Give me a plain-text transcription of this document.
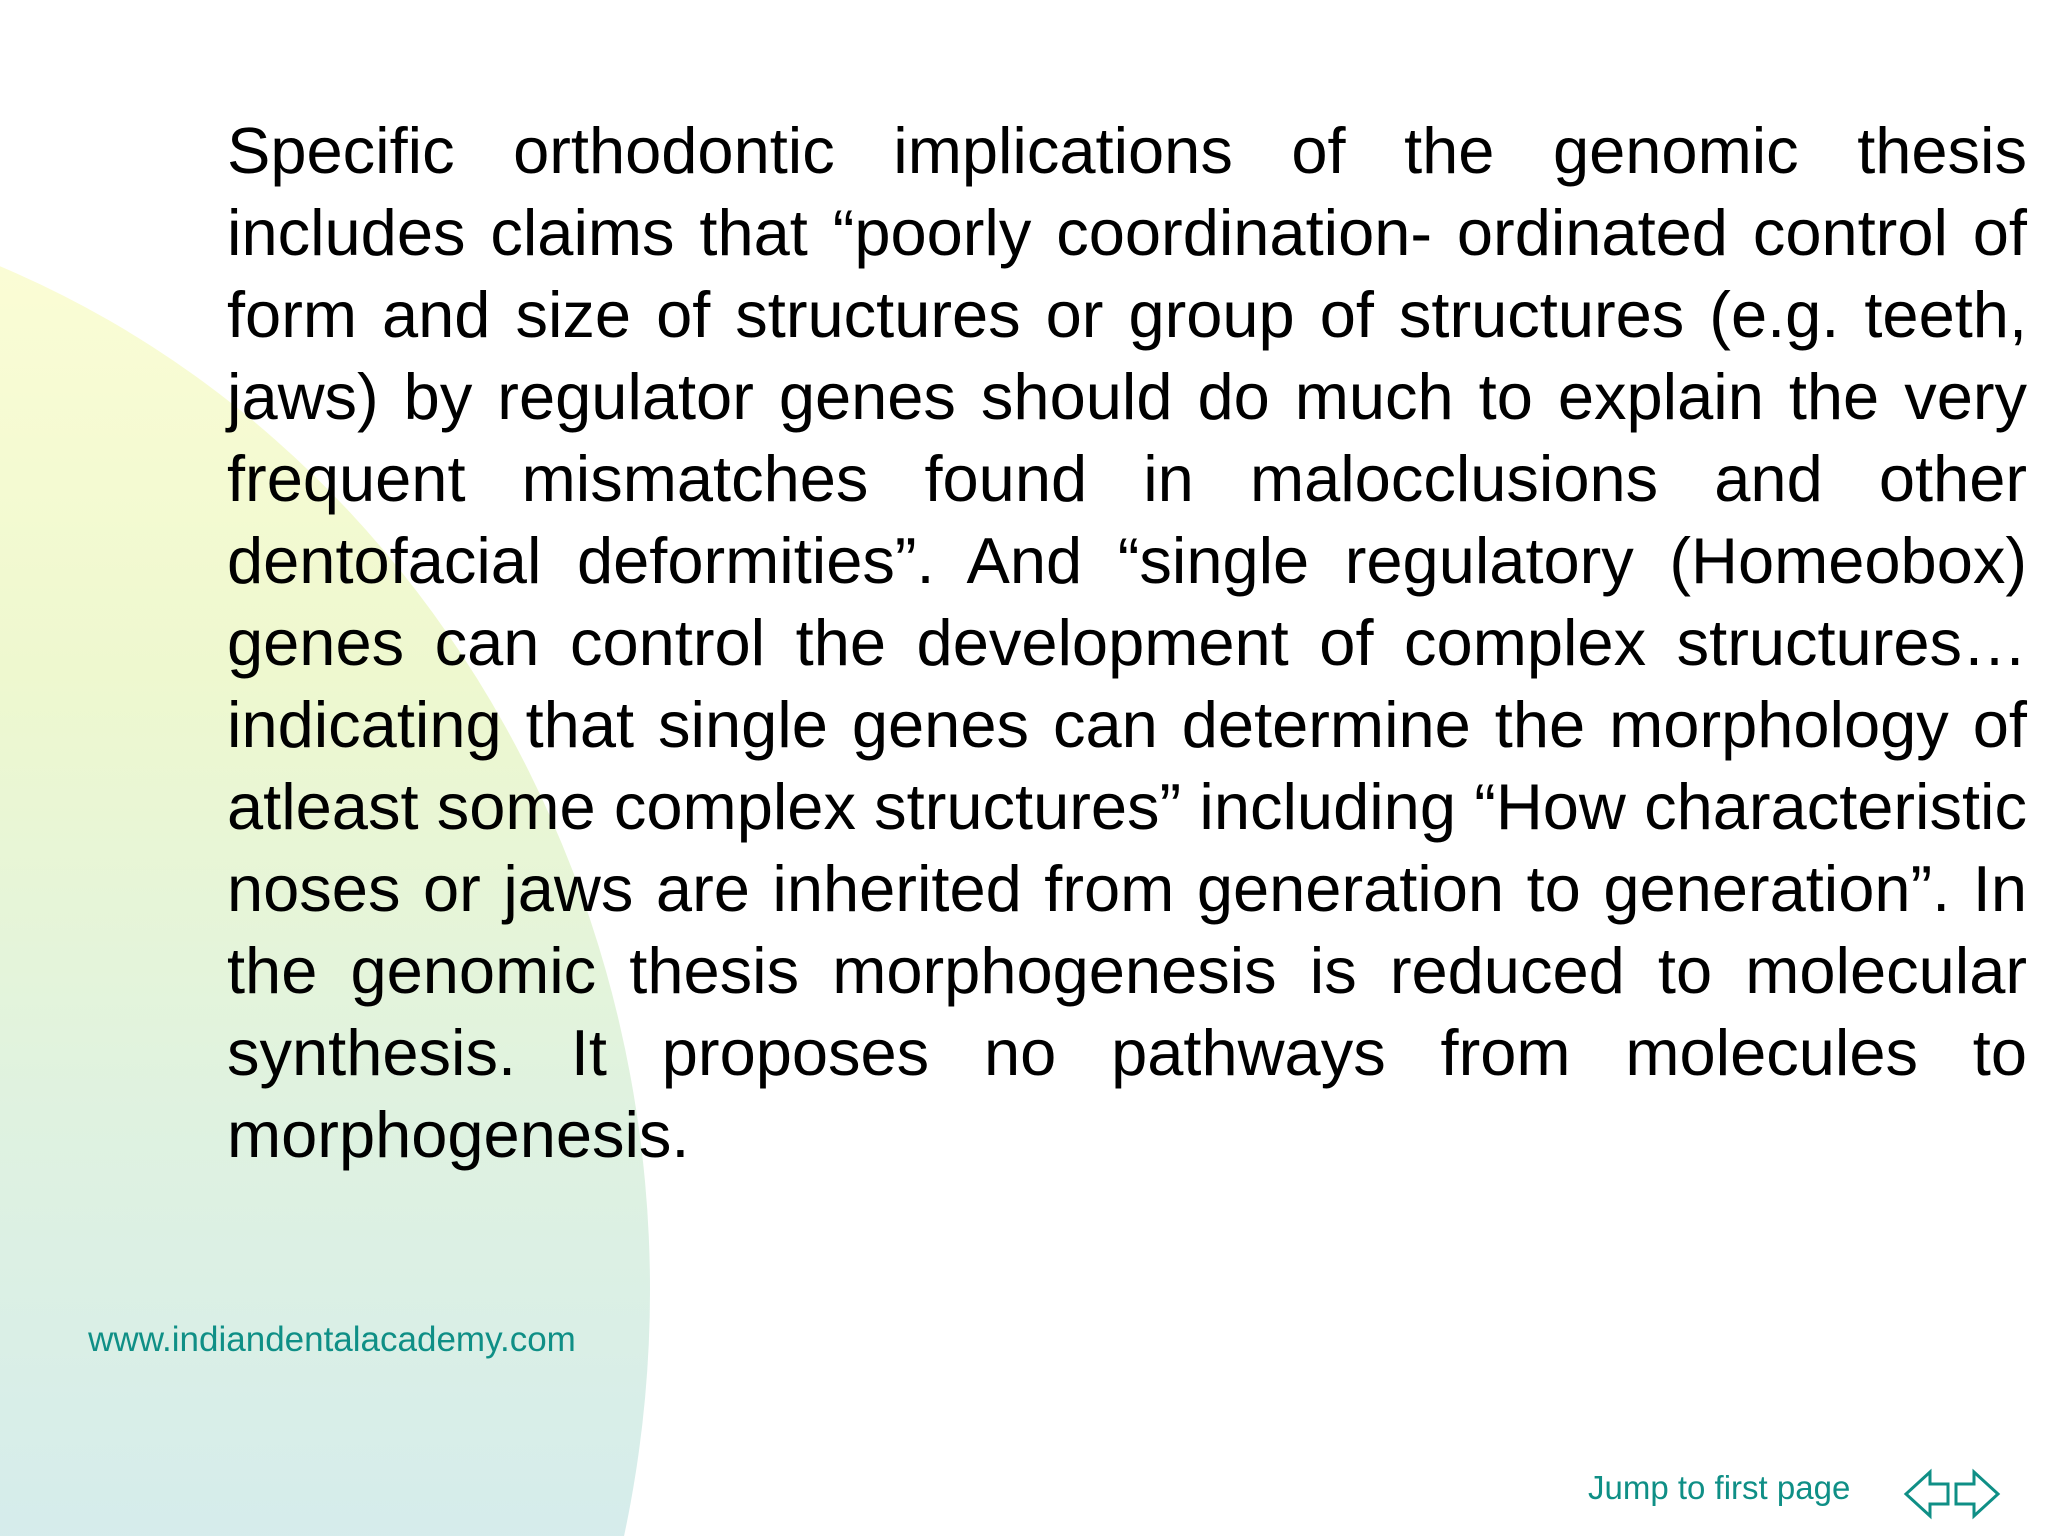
Specific orthodontic implications of the genomic thesis includes claims that “poorly coordination- ordinated control of form and size of structures or group of structures (e.g. teeth, jaws) by regulator genes should do much to explain the very frequent mismatches found in malocclusions and other dentofacial deformities”. And “single regulatory (Homeobox) genes can control the development of complex structures… indicating that single genes can determine the morphology of atleast some complex structures” including “How characteristic noses or jaws are inherited from generation to generation”. In the genomic thesis morphogenesis is reduced to molecular synthesis. It proposes no pathways from molecules to morphogenesis.

www.indiandentalacademy.com
Jump to first page
